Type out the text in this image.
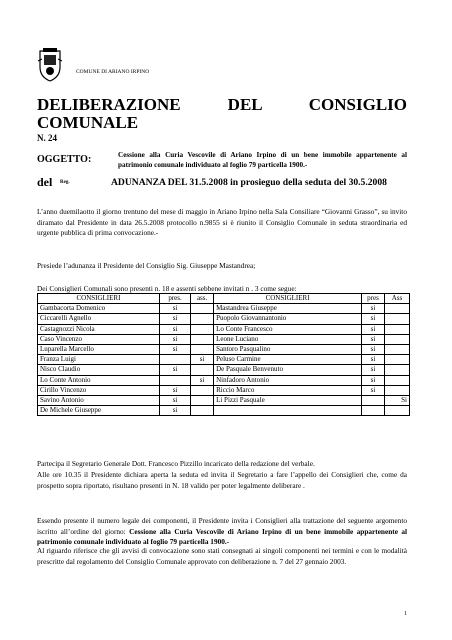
COMUNE DI ARIANO IRPINO
DELIBERAZIONE	DEL	CONSIGLIO
COMUNALE
N. 24
OGGETTO:	Cessione alla Curia Vescovile di Ariano Irpino di un bene immobile appartenente al patrimonio comunale individuato al foglio 79 particella 1900.-
del Reg.	ADUNANZA DEL 31.5.2008 in prosieguo della seduta del 30.5.2008
L’anno duemilaotto il giorno trentuno del mese di maggio in Ariano Irpino nella Sala Consiliare “Giovanni Grasso”, su invito diramato dal Presidente in data 26.5.2008 protocollo n.9855 si è riunito il Consiglio Comunale in seduta straordinaria ed urgente pubblica di prima convocazione.-
Presiede l’adunanza il Presidente del Consiglio Sig. Giuseppe Mastandrea;
Dei Consiglieri Comunali sono presenti n. 18 e assenti sebbene invitati n . 3 come segue:
CONSIGLIERI	pres.	ass.	CONSIGLIERI	pres	Ass
Gambacorta Domenico	si		Mastandrea Giuseppe	si	
Ciccarelli Agnello	si		Puopolo Giovannantonio	si	
Castagnozzi Nicola	si		Lo Conte Francesco	si	
Caso Vincenzo	si		Leone Luciano	si	
Luparella Marcello	si		Santoro Pasqualino	si	
Franza Luigi		si	Peluso Carmine	si	
Nisco Claudio	si		De Pasquale Benvenuto	si	
Lo Conte Antonio		si	Ninfadoro Antonio	si	
Cirillo Vincenzo	si		Riccio Marco	si	
Savino Antonio	si		Li Pizzi Pasquale		Si
De Michele Giuseppe	si				
Partecipa il Segretario Generale Dott. Francesco Pizzillo incaricato della redazione del verbale.
Alle ore 10.35 il Presidente dichiara aperta la seduta ed invita il Segretario a fare l’appello dei Consiglieri che, come da prospetto sopra riportato, risultano presenti in N. 18 valido per poter legalmente deliberare .
Essendo presente il numero legale dei componenti, il Presidente invita i Consiglieri alla trattazione del seguente argomento iscritto all’ordine del giorno: Cessione alla Curia Vescovile di Ariano Irpino di un bene immobile appartenente al patrimonio comunale individuato al foglio 79 particella 1900.-
Al riguardo riferisce che gli avvisi di convocazione sono stati consegnati ai singoli componenti nei termini e con le modalità prescritte dal regolamento del Consiglio Comunale approvato con deliberazione n. 7 del 27 gennaio 2003.
1
